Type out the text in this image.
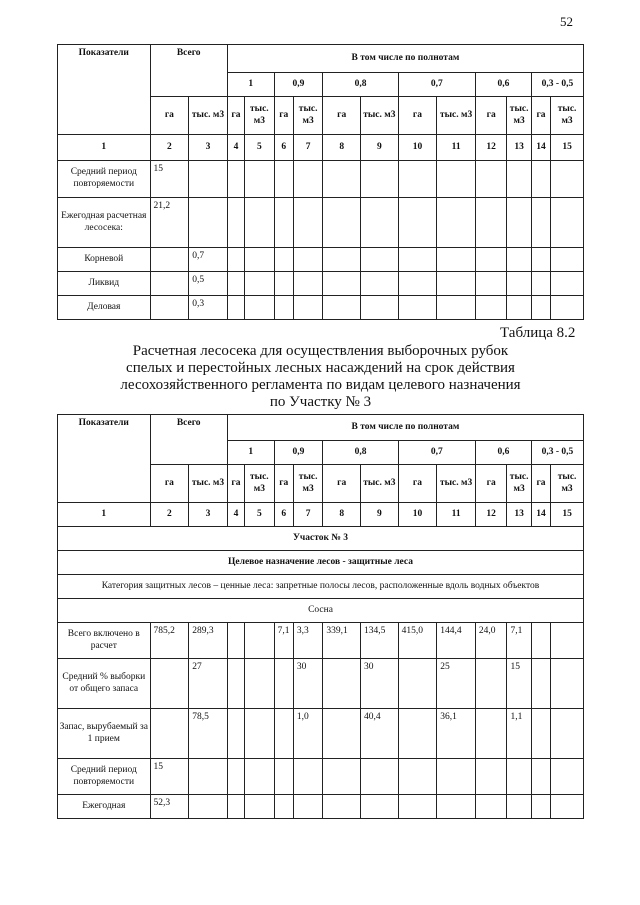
52
Показатели	Всего		В том числе по полнотам											
			1		0,9		0,8		0,7		0,6		0,3 - 0,5	
	га	тыс. м3	га	тыс. м3	га	тыс. м3	га	тыс. м3	га	тыс. м3	га	тыс. м3	га	тыс. м3
1	2	3	4	5	6	7	8	9	10	11	12	13	14	15
Средний период повторяемости	15													
Ежегодная расчетная лесосека:	21,2													
Корневой		0,7												
Ликвид		0,5												
Деловая		0,3												
Таблица 8.2
Расчетная лесосека для осуществления выборочных рубок
спелых и перестойных лесных насаждений на срок действия
лесохозяйственного регламента по видам целевого назначения
по Участку № 3
Показатели	Всего		В том числе по полнотам											
			1		0,9		0,8		0,7		0,6		0,3 - 0,5	
	га	тыс. м3	га	тыс. м3	га	тыс. м3	га	тыс. м3	га	тыс. м3	га	тыс. м3	га	тыс. м3
1	2	3	4	5	6	7	8	9	10	11	12	13	14	15
Участок № 3														
Целевое назначение лесов - защитные леса														
Категория защитных лесов – ценные леса: запретные полосы лесов, расположенные вдоль водных объектов														
Сосна														
Всего включено в расчет	785,2	289,3			7,1	3,3	339,1	134,5	415,0	144,4	24,0	7,1		
Средний % выборки от общего запаса		27				30		30		25		15		
Запас, вырубаемый за 1 прием		78,5				1,0		40,4		36,1		1,1		
Средний период повторяемости	15													
Ежегодная	52,3													
